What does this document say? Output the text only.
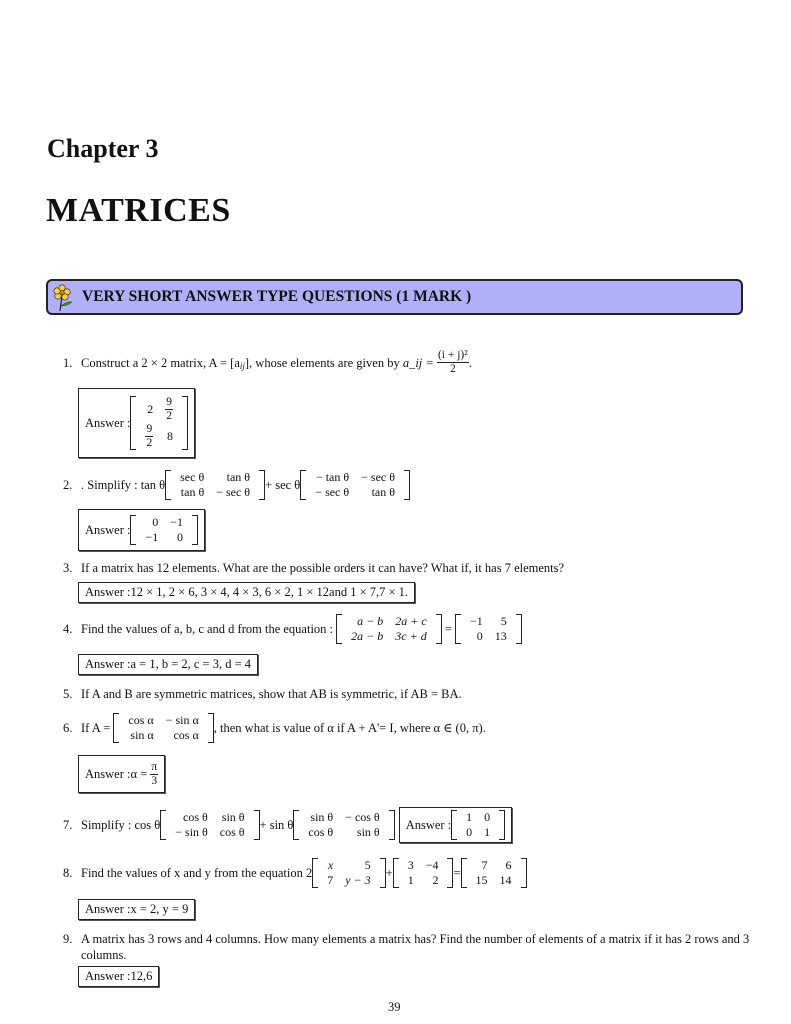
Chapter 3
MATRICES
VERY SHORT ANSWER TYPE QUESTIONS (1 MARK )
1. Construct a 2 × 2 matrix, A = [a ij ], whose elements are given by
a_ij =
$\frac{\text{(i + j)²}}{2}$ .
Answer :
2	$\frac{9}{2}$

$\frac{9}{2}$	8
2. . Simplify : tan θ
sec θ	tan θ
tan θ	− sec θ + sec θ
− tan θ	− sec θ
− sec θ	tan θ
Answer :
0	−1
−1	0
3. If a matrix has 12 elements. What are the possible orders it can have? What if, it has 7 elements?
Answer :12 × 1, 2 × 6, 3 × 4, 4 × 3, 6 × 2, 1 × 12and 1 × 7,7 × 1.
4. Find the values of a, b, c and d from the equation :

a − b	2a + c
2a − b	3c + d
=

−1	5
0	13
Answer :a = 1, b = 2, c = 3, d = 4
5. If A and B are symmetric matrices, show that AB is symmetric, if AB = BA.
6. If A =

cos α	− sin α
sin α	cos α , then what is value of α if A + A'= I, where α ∈ (0, π).
Answer :α =
$\frac{\pi}{3}$
7. Simplify : cos θ
cos θ	sin θ
− sin θ	cos θ + sin θ
sin θ	− cos θ
cos θ	sin θ Answer :
1	0
0	1
8. Find the values of x and y from the equation 2
x	5
7	y − 3 +
3	−4
1	2 =
7	6
15	14
Answer :x = 2, y = 9
9. A matrix has 3 rows and 4 columns. How many elements a matrix has? Find the number of elements of a matrix if it has 2 rows and 3 columns.
Answer :12,6
39
